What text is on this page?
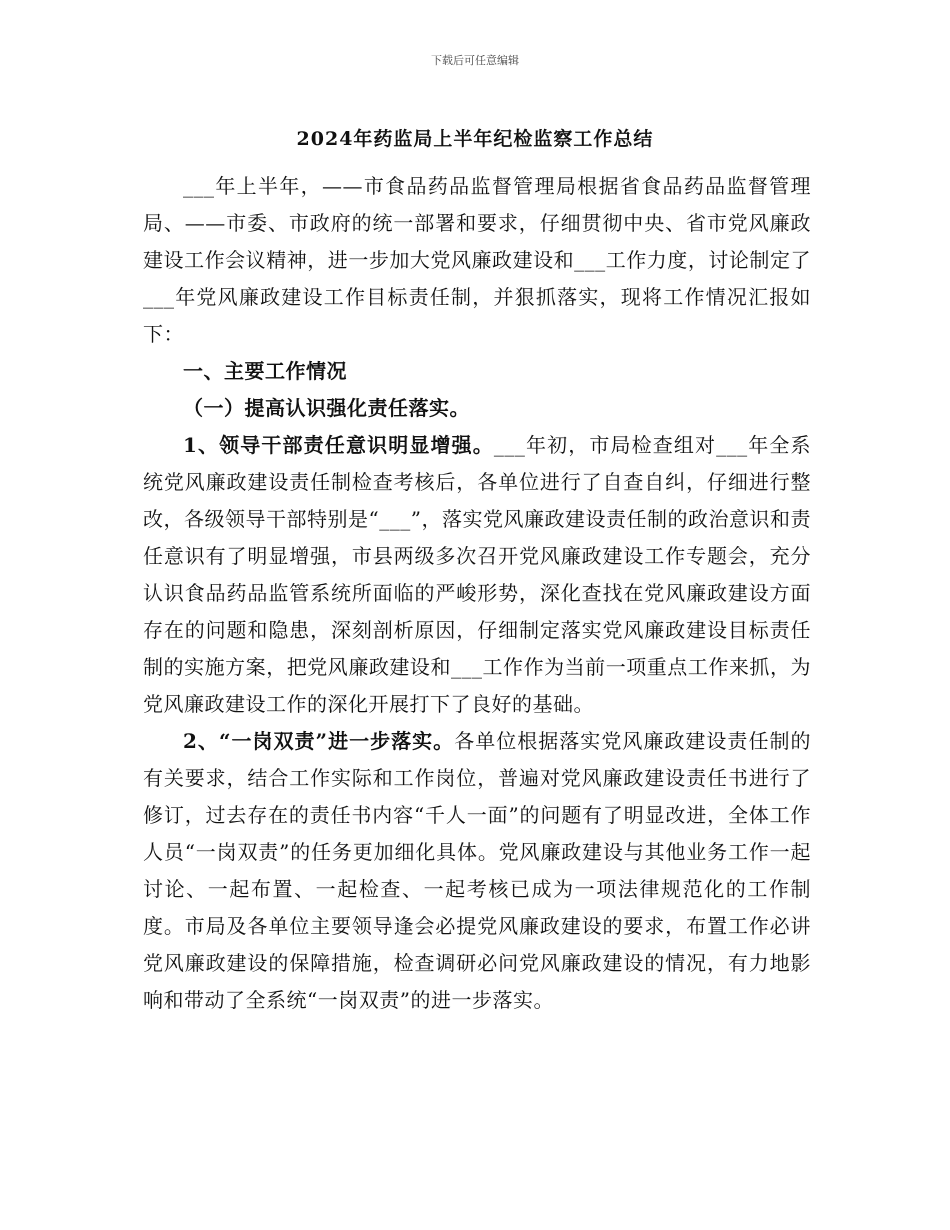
下载后可任意编辑
2024年药监局上半年纪检监察工作总结

___年上半年，——市食品药品监督管理局根据省食品药品监督管理局、——市委、市政府的统一部署和要求，仔细贯彻中央、省市党风廉政建设工作会议精神，进一步加大党风廉政建设和___工作力度，讨论制定了___年党风廉政建设工作目标责任制，并狠抓落实，现将工作情况汇报如下：

一、主要工作情况

（一）提高认识强化责任落实。

1、领导干部责任意识明显增强。___年初，市局检查组对___年全系统党风廉政建设责任制检查考核后，各单位进行了自查自纠，仔细进行整改，各级领导干部特别是“___”，落实党风廉政建设责任制的政治意识和责任意识有了明显增强，市县两级多次召开党风廉政建设工作专题会，充分认识食品药品监管系统所面临的严峻形势，深化查找在党风廉政建设方面存在的问题和隐患，深刻剖析原因，仔细制定落实党风廉政建设目标责任制的实施方案，把党风廉政建设和___工作作为当前一项重点工作来抓，为党风廉政建设工作的深化开展打下了良好的基础。

2、“一岗双责”进一步落实。各单位根据落实党风廉政建设责任制的有关要求，结合工作实际和工作岗位，普遍对党风廉政建设责任书进行了修订，过去存在的责任书内容“千人一面”的问题有了明显改进，全体工作人员“一岗双责”的任务更加细化具体。党风廉政建设与其他业务工作一起讨论、一起布置、一起检查、一起考核已成为一项法律规范化的工作制度。市局及各单位主要领导逢会必提党风廉政建设的要求，布置工作必讲党风廉政建设的保障措施，检查调研必问党风廉政建设的情况，有力地影响和带动了全系统“一岗双责”的进一步落实。
